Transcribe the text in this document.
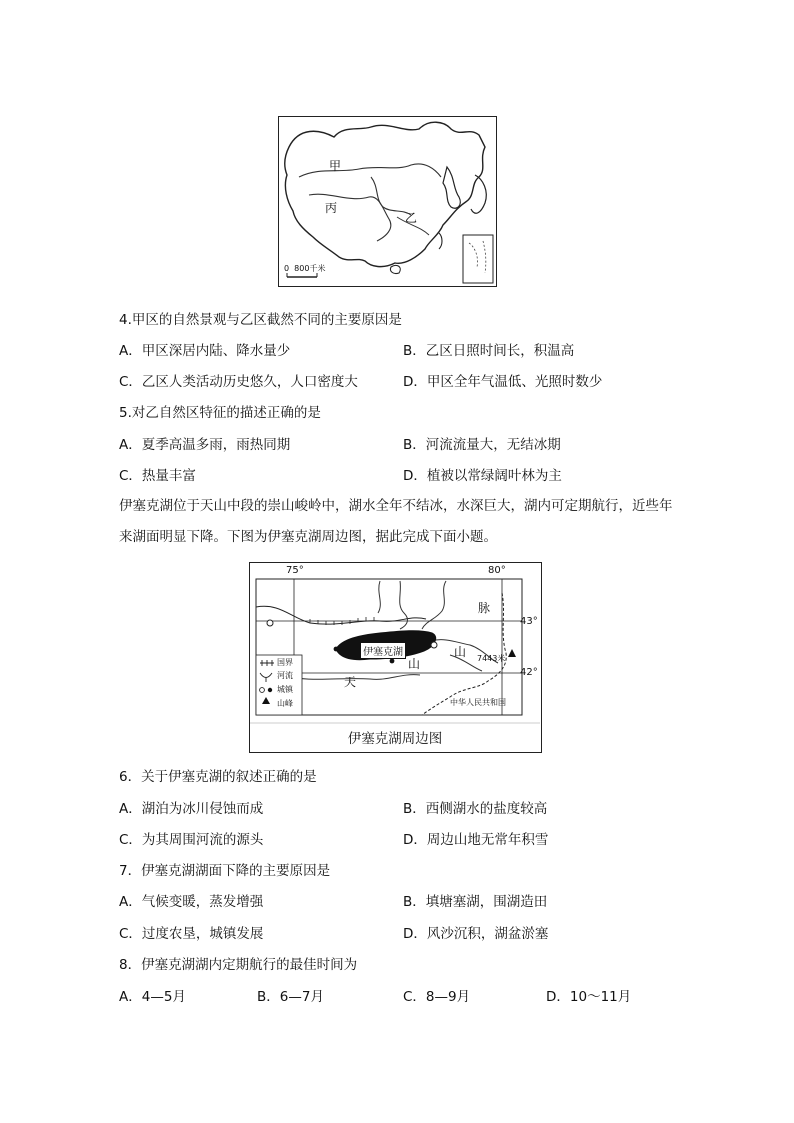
甲
丙
乙
0  800千米
4.甲区的自然景观与乙区截然不同的主要原因是
A．甲区深居内陆、降水量少	B．乙区日照时间长，积温高
C．乙区人类活动历史悠久，人口密度大	D．甲区全年气温低、光照时数少
5.对乙自然区特征的描述正确的是
A．夏季高温多雨，雨热同期	B．河流流量大，无结冰期
C．热量丰富	D．植被以常绿阔叶林为主
伊塞克湖位于天山中段的崇山峻岭中，湖水全年不结冰，水深巨大，湖内可定期航行，近些年来湖面明显下降。下图为伊塞克湖周边图，据此完成下面小题。
75°	80°
43°
42°
伊塞克湖
脉
山
山
天
7443米
中华人民共和国
国界
河流
城镇
山峰
伊塞克湖周边图
6．关于伊塞克湖的叙述正确的是
A．湖泊为冰川侵蚀而成	B．西侧湖水的盐度较高
C．为其周围河流的源头	D．周边山地无常年积雪
7．伊塞克湖湖面下降的主要原因是
A．气候变暖，蒸发增强	B．填塘塞湖，围湖造田
C．过度农垦，城镇发展	D．风沙沉积，湖盆淤塞
8．伊塞克湖湖内定期航行的最佳时间为
A．4—5月	B．6—7月	C．8—9月	D．10～11月
